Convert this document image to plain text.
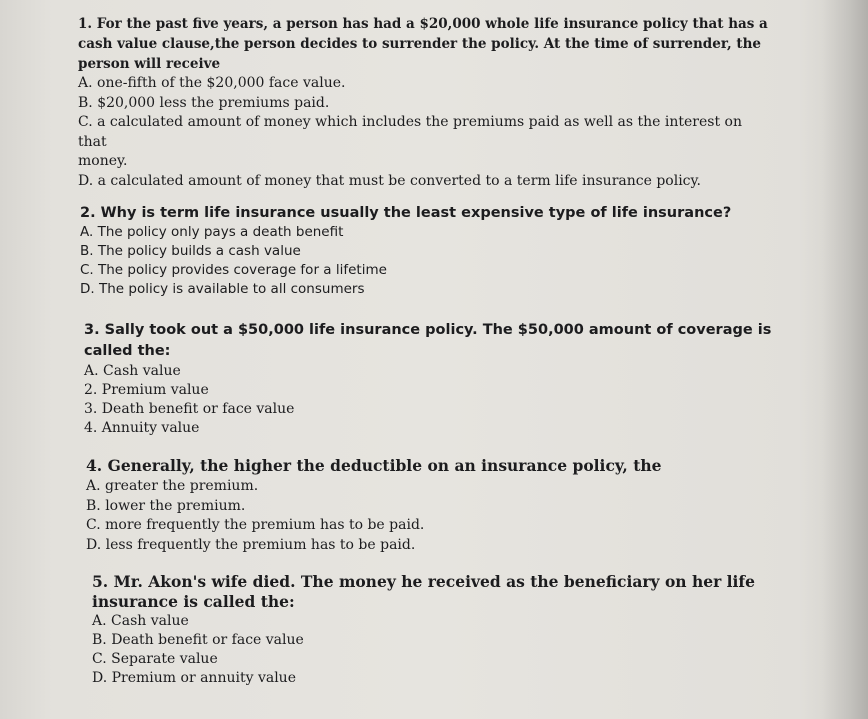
1. For the past five years, a person has had a $20,000 whole life insurance policy that has a

cash value clause,the person decides to surrender the policy. At the time of surrender, the

person will receive

A. one-fifth of the $20,000 face value.

B. $20,000 less the premiums paid.

C. a calculated amount of money which includes the premiums paid as well as the interest on that

money.

D. a calculated amount of money that must be converted to a term life insurance policy.

2. Why is term life insurance usually the least expensive type of life insurance?

A. The policy only pays a death benefit

B. The policy builds a cash value

C. The policy provides coverage for a lifetime

D. The policy is available to all consumers

3. Sally took out a $50,000 life insurance policy. The $50,000 amount of coverage is

called the:

A. Cash value

2. Premium value

3. Death benefit or face value

4. Annuity value

4. Generally, the higher the deductible on an insurance policy, the

A. greater the premium.

B. lower the premium.

C. more frequently the premium has to be paid.

D. less frequently the premium has to be paid.

5. Mr. Akon's wife died. The money he received as the beneficiary on her life

insurance is called the:

A. Cash value

B. Death benefit or face value

C. Separate value

D. Premium or annuity value
